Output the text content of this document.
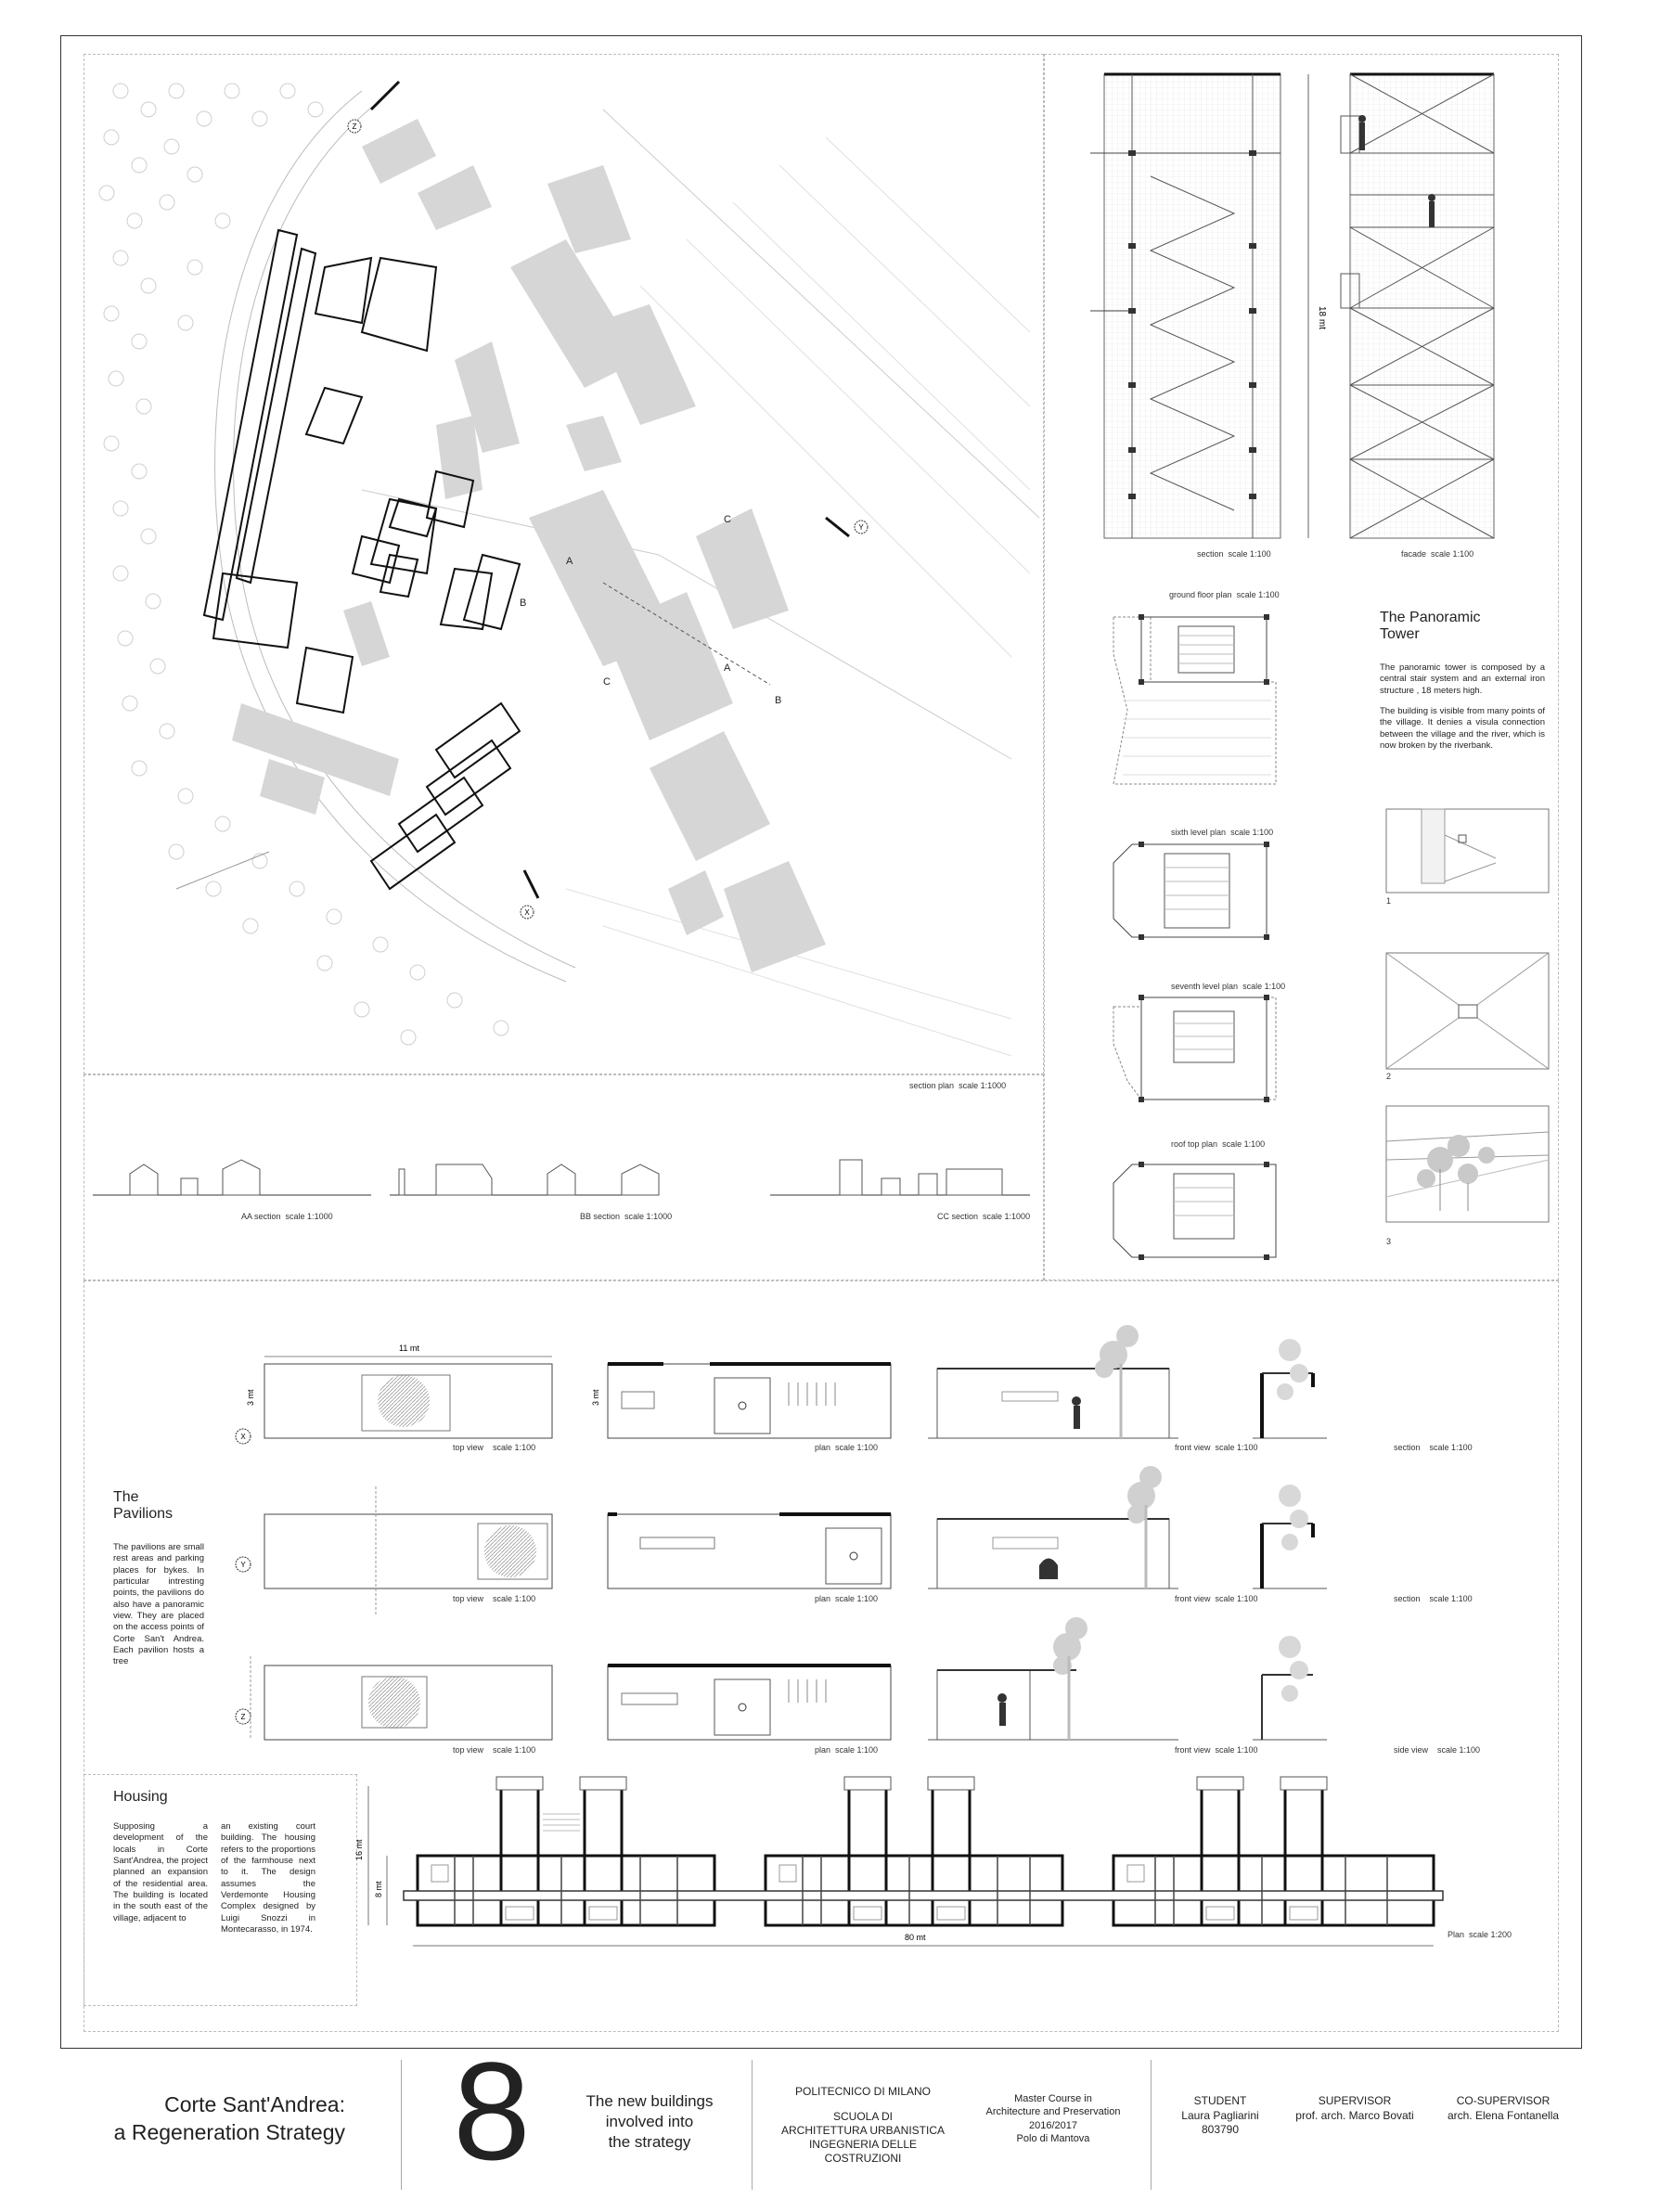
Z
Y
X
A
A
B
B
C
C
section plan scale 1:1000
AA section scale 1:1000	BB section scale 1:1000	CC section scale 1:1000
18 mt
section scale 1:100	facade scale 1:100
ground floor plan scale 1:100
sixth level plan scale 1:100
seventh level plan scale 1:100
roof top plan scale 1:100
The Panoramic
Tower
The panoramic tower is composed by a central stair system and an external iron structure , 18 meters high.
The building is visible from many points of the village. It denies a visula connection between the village and the river, which is now broken by the riverbank.
1
2
3
The
Pavilions
The pavilions are small rest areas and parking places for bykes. In particular intresting points, the pavilions do also have a panoramic view. They are placed on the access points of Corte San't Andrea. Each pavilion hosts a tree
11 mt
3 mt	3 mt
X
Y
Z
top view scale 1:100	plan scale 1:100	front view scale 1:100	section scale 1:100
top view scale 1:100	plan scale 1:100	front view scale 1:100	section scale 1:100
top view scale 1:100	plan scale 1:100	front view scale 1:100	side view scale 1:100
Housing
Supposing a development of the locals in Corte Sant'Andrea, the project planned an expansion of the residential area. The building is located in the south east of the village, adjacent to
an existing court building. The housing refers to the proportions of the farmhouse next to it. The design assumes the Verdemonte Housing Complex designed by Luigi Snozzi in Montecarasso, in 1974.
16 mt
8 mt
80 mt	Plan scale 1:200
Corte Sant'Andrea:
a Regeneration Strategy 8	The new buildings
involved into
the strategy
POLITECNICO DI MILANO
SCUOLA DI
ARCHITETTURA URBANISTICA
INGEGNERIA DELLE COSTRUZIONI
Master Course in
Architecture and Preservation
2016/2017
Polo di Mantova
STUDENT
Laura Pagliarini
803790
SUPERVISOR
prof. arch. Marco Bovati
CO-SUPERVISOR
arch. Elena Fontanella
